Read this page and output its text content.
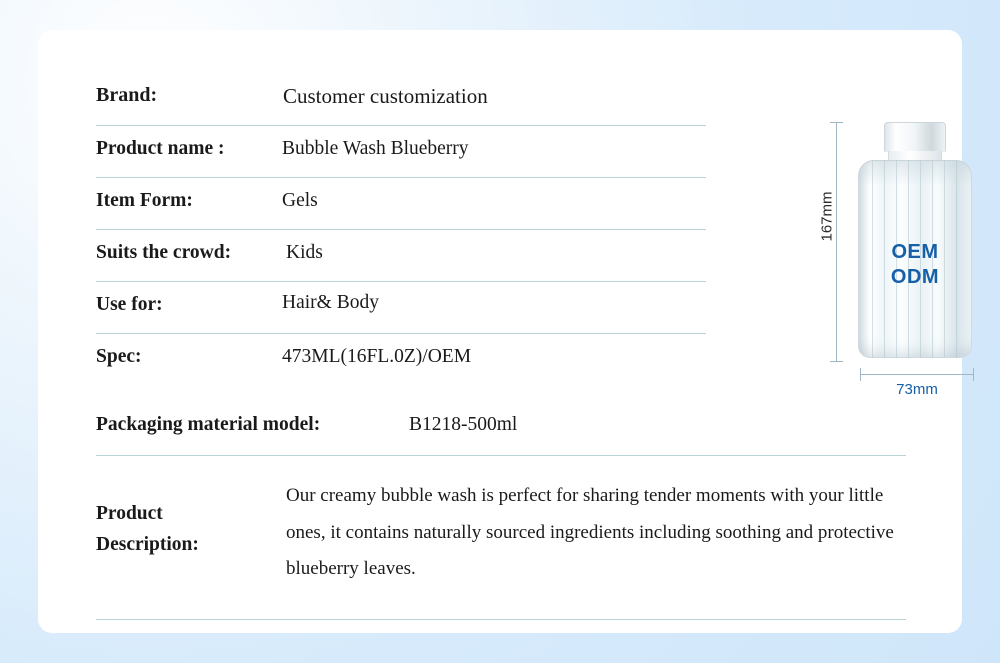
Brand:	Customer customization
Product name :	Bubble Wash Blueberry
Item Form:	Gels
Suits the crowd:	Kids
Use for:	Hair& Body
Spec:	473ML(16FL.0Z)/OEM
Packaging material model:	B1218-500ml
Product
Description:
Our creamy bubble wash is perfect for sharing tender moments with your little ones, it contains naturally sourced ingredients including soothing and protective blueberry leaves.
167mm
OEM
ODM
73mm
